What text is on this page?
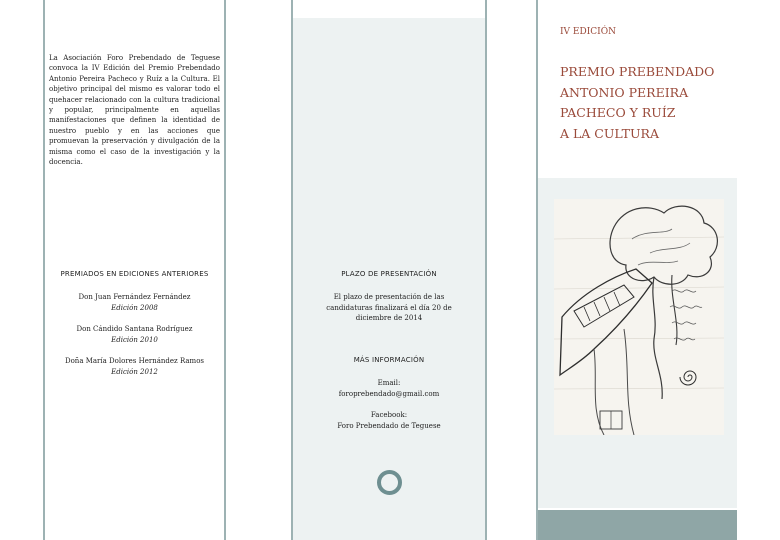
La Asociación Foro Prebendado de Teguese convoca la IV Edición del Premio Prebendado Antonio Pereira Pacheco y Ruíz a la Cultura. El objetivo principal del mismo es valorar todo el quehacer relacionado con la cultura tradicional y popular, principalmente en aquellas manifestaciones que definen la identidad de nuestro pueblo y en las acciones que promuevan la preservación y divulgación de la misma como el caso de la investigación y la docencia.
PREMIADOS EN EDICIONES ANTERIORES
Don Juan Fernández Fernández
Edición 2008
Don Cándido Santana Rodríguez
Edición 2010
Doña María Dolores Hernández Ramos
Edición 2012
PLAZO DE PRESENTACIÓN
El plazo de presentación de las candidaturas finalizará el día 20 de diciembre de 2014
MÁS INFORMACIÓN
Email:
foroprebendado@gmail.com
Facebook:
Foro Prebendado de Teguese
IV EDICIÓN
PREMIO PREBENDADO
ANTONIO PEREIRA
PACHECO Y RUÍZ
A LA CULTURA
